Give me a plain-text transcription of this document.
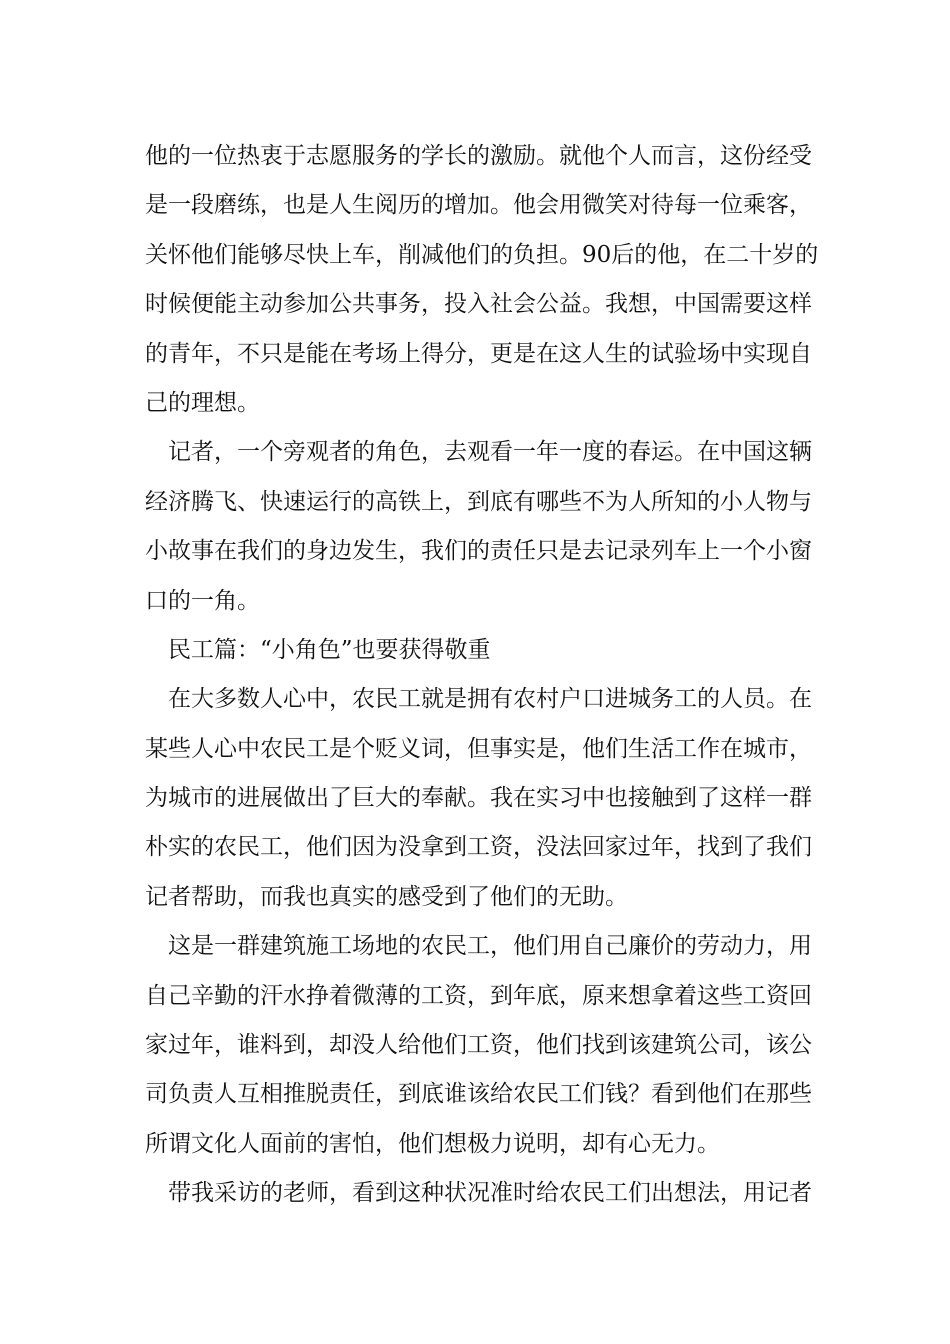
他的一位热衷于志愿服务的学长的激励。就他个人而言，这份经受
是一段磨练，也是人生阅历的增加。他会用微笑对待每一位乘客，
关怀他们能够尽快上车，削减他们的负担。90后的他，在二十岁的
时候便能主动参加公共事务，投入社会公益。我想，中国需要这样
的青年，不只是能在考场上得分，更是在这人生的试验场中实现自
己的理想。
记者，一个旁观者的角色，去观看一年一度的春运。在中国这辆
经济腾飞、快速运行的高铁上，到底有哪些不为人所知的小人物与
小故事在我们的身边发生，我们的责任只是去记录列车上一个小窗
口的一角。
民工篇：“小角色”也要获得敬重
在大多数人心中，农民工就是拥有农村户口进城务工的人员。在
某些人心中农民工是个贬义词，但事实是，他们生活工作在城市，
为城市的进展做出了巨大的奉献。我在实习中也接触到了这样一群
朴实的农民工，他们因为没拿到工资，没法回家过年，找到了我们
记者帮助，而我也真实的感受到了他们的无助。
这是一群建筑施工场地的农民工，他们用自己廉价的劳动力，用
自己辛勤的汗水挣着微薄的工资，到年底，原来想拿着这些工资回
家过年，谁料到，却没人给他们工资，他们找到该建筑公司，该公
司负责人互相推脱责任，到底谁该给农民工们钱？看到他们在那些
所谓文化人面前的害怕，他们想极力说明，却有心无力。
带我采访的老师，看到这种状况准时给农民工们出想法，用记者
